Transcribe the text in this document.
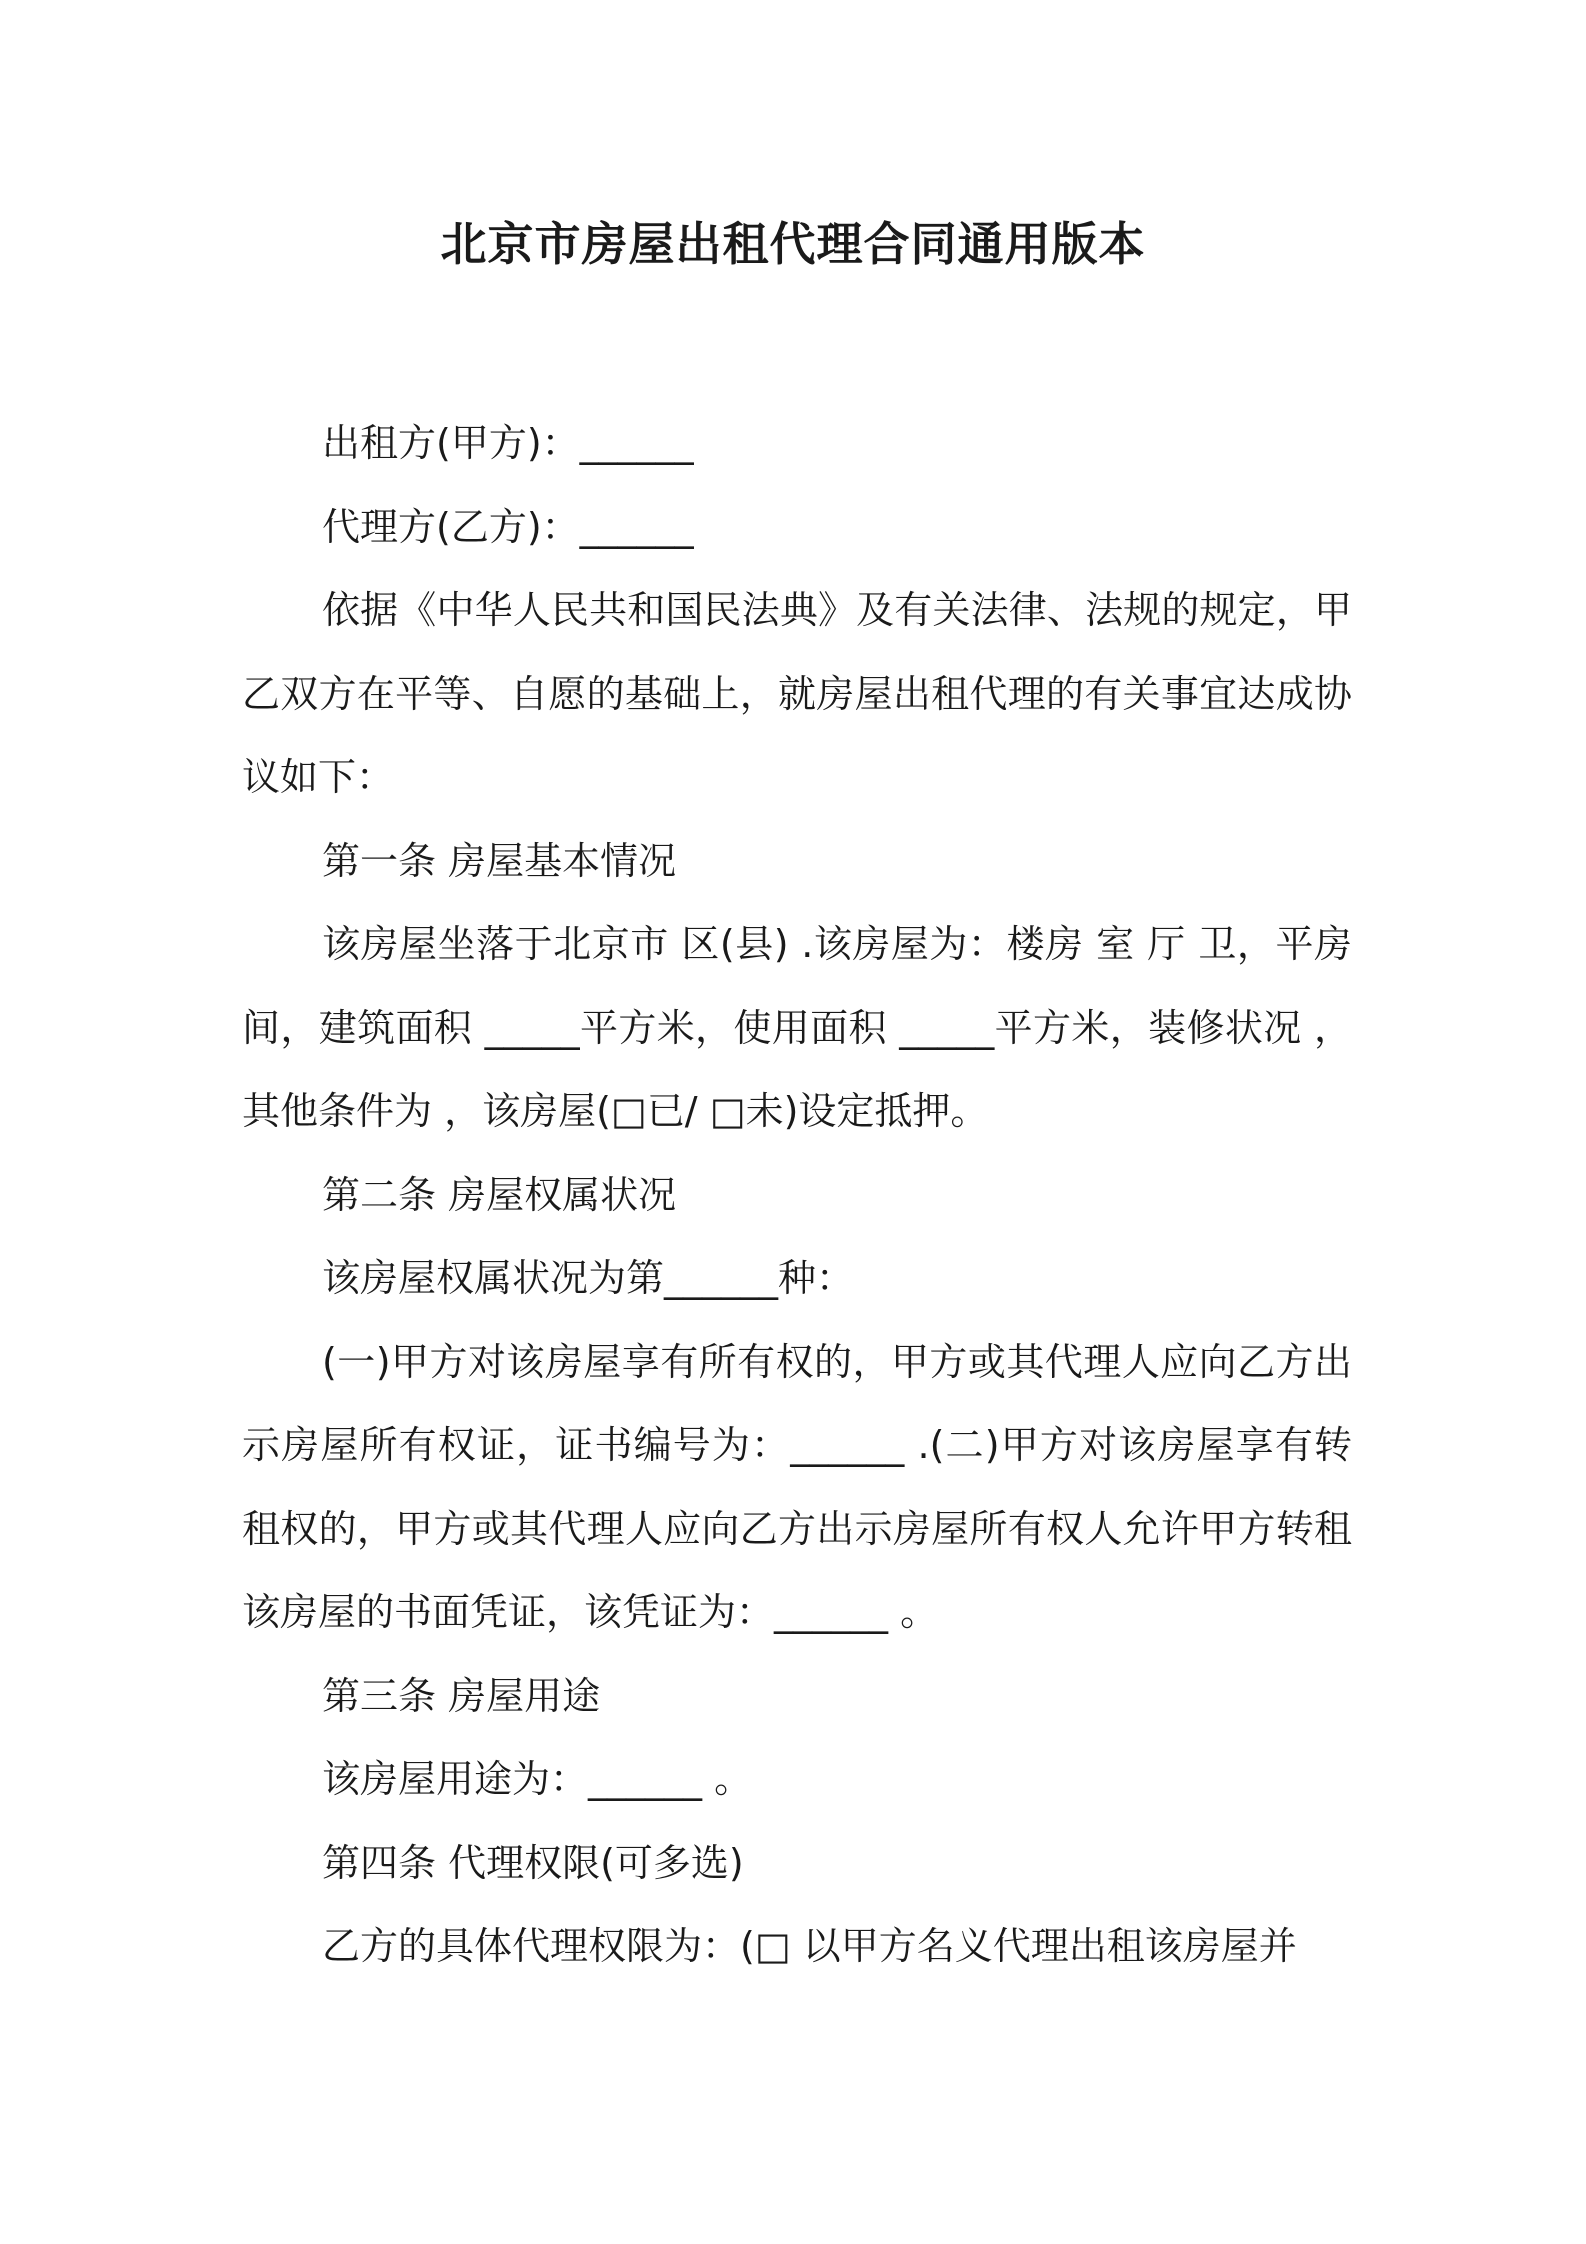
北京市房屋出租代理合同通用版本

出租方(甲方)：______

代理方(乙方)：______

依据《中华人民共和国民法典》及有关法律、法规的规定，甲乙双方在平等、自愿的基础上，就房屋出租代理的有关事宜达成协议如下：

第一条 房屋基本情况

该房屋坐落于北京市 区(县) .该房屋为：楼房 室 厅 卫，平房 间，建筑面积 _____平方米，使用面积 _____平方米，装修状况 ，其他条件为 ，该房屋(□已/ □未)设定抵押。

第二条 房屋权属状况

该房屋权属状况为第______种：

(一)甲方对该房屋享有所有权的，甲方或其代理人应向乙方出示房屋所有权证，证书编号为：______ .(二)甲方对该房屋享有转租权的，甲方或其代理人应向乙方出示房屋所有权人允许甲方转租该房屋的书面凭证，该凭证为：______ 。

第三条 房屋用途

该房屋用途为：______ 。

第四条 代理权限(可多选)

乙方的具体代理权限为：(□ 以甲方名义代理出租该房屋并
